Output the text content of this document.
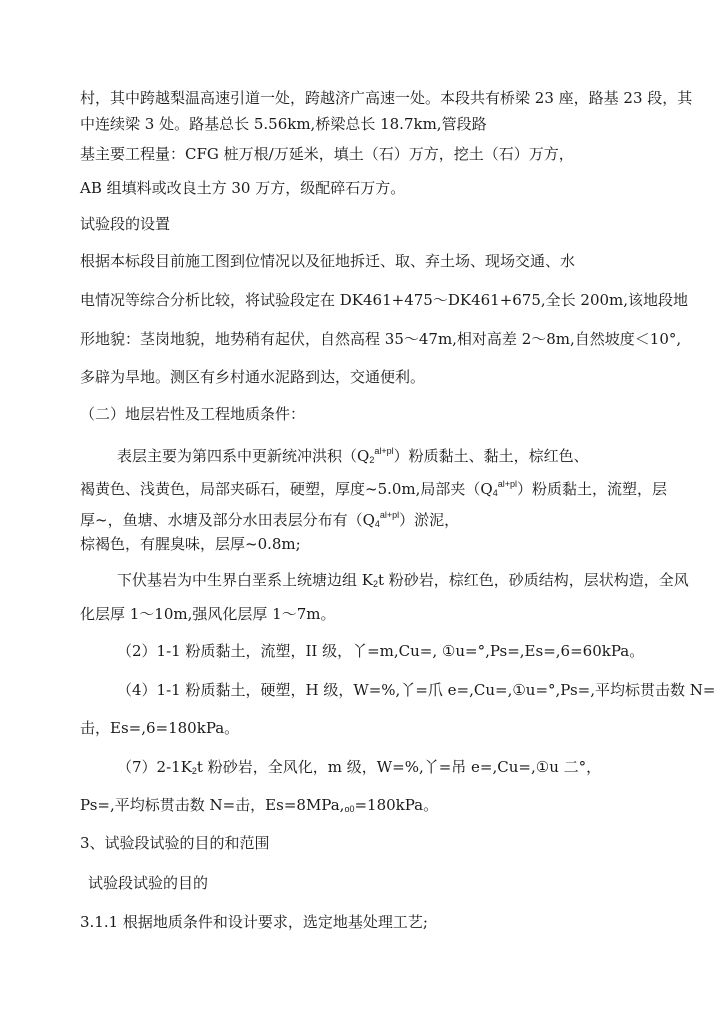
村，其中跨越梨温高速引道一处，跨越济广高速一处。本段共有桥梁 23 座，路基 23 段，其
中连续梁 3 处。路基总长 5.56km,桥梁总长 18.7km,管段路
基主要工程量：CFG 桩万根/万延米，填土（石）万方，挖土（石）万方，
AB 组填料或改良土方 30 万方，级配碎石万方。
试验段的设置
根据本标段目前施工图到位情况以及征地拆迁、取、弃土场、现场交通、水
电情况等综合分析比较，将试验段定在 DK461+475～DK461+675,全长 200m,该地段地
形地貌：茎岗地貌，地势稍有起伏，自然高程 35～47m,相对高差 2～8m,自然坡度＜10°,
多辟为旱地。测区有乡村通水泥路到达，交通便利。
（二）地层岩性及工程地质条件：
表层主要为第四系中更新统冲洪积$(Q_2^{al+pl})$粉质黏土、黏土，棕红色、
褐黄色、浅黄色，局部夹砾石，硬塑，厚度~5.0m,局部夹$(Q_4^{al+pl})$粉质黏土，流塑，层
厚~，鱼塘、水塘及部分水田表层分布有$(Q_4^{al+pl})$淤泥，
棕褐色，有腥臭味，层厚~0.8m;
下伏基岩为中生界白垩系上统塘边组 $K_2t$ 粉砂岩，棕红色，砂质结构，层状构造，全风
化层厚 1～10m,强风化层厚 1～7m。
（2）1-1 粉质黏土，流塑，II 级，丫=m,Cu=, ①u=°,Ps=,Es=,6=60kPa。
（4）1-1 粉质黏土，硬塑，H 级，W=%,丫=爪 e=,Cu=,①u=°,Ps=,平均标贯击数 N=
击，Es=,6=180kPa。
$(7)2-1K_2t$ 粉砂岩，全风化，m 级，W=%,丫=吊 e=,Cu=,①u 二°，
Ps=,平均标贯击数 N=击，$Es=8MPa,_{o0}=180kPa$。
3、试验段试验的目的和范围
试验段试验的目的
3.1.1 根据地质条件和设计要求，选定地基处理工艺;
